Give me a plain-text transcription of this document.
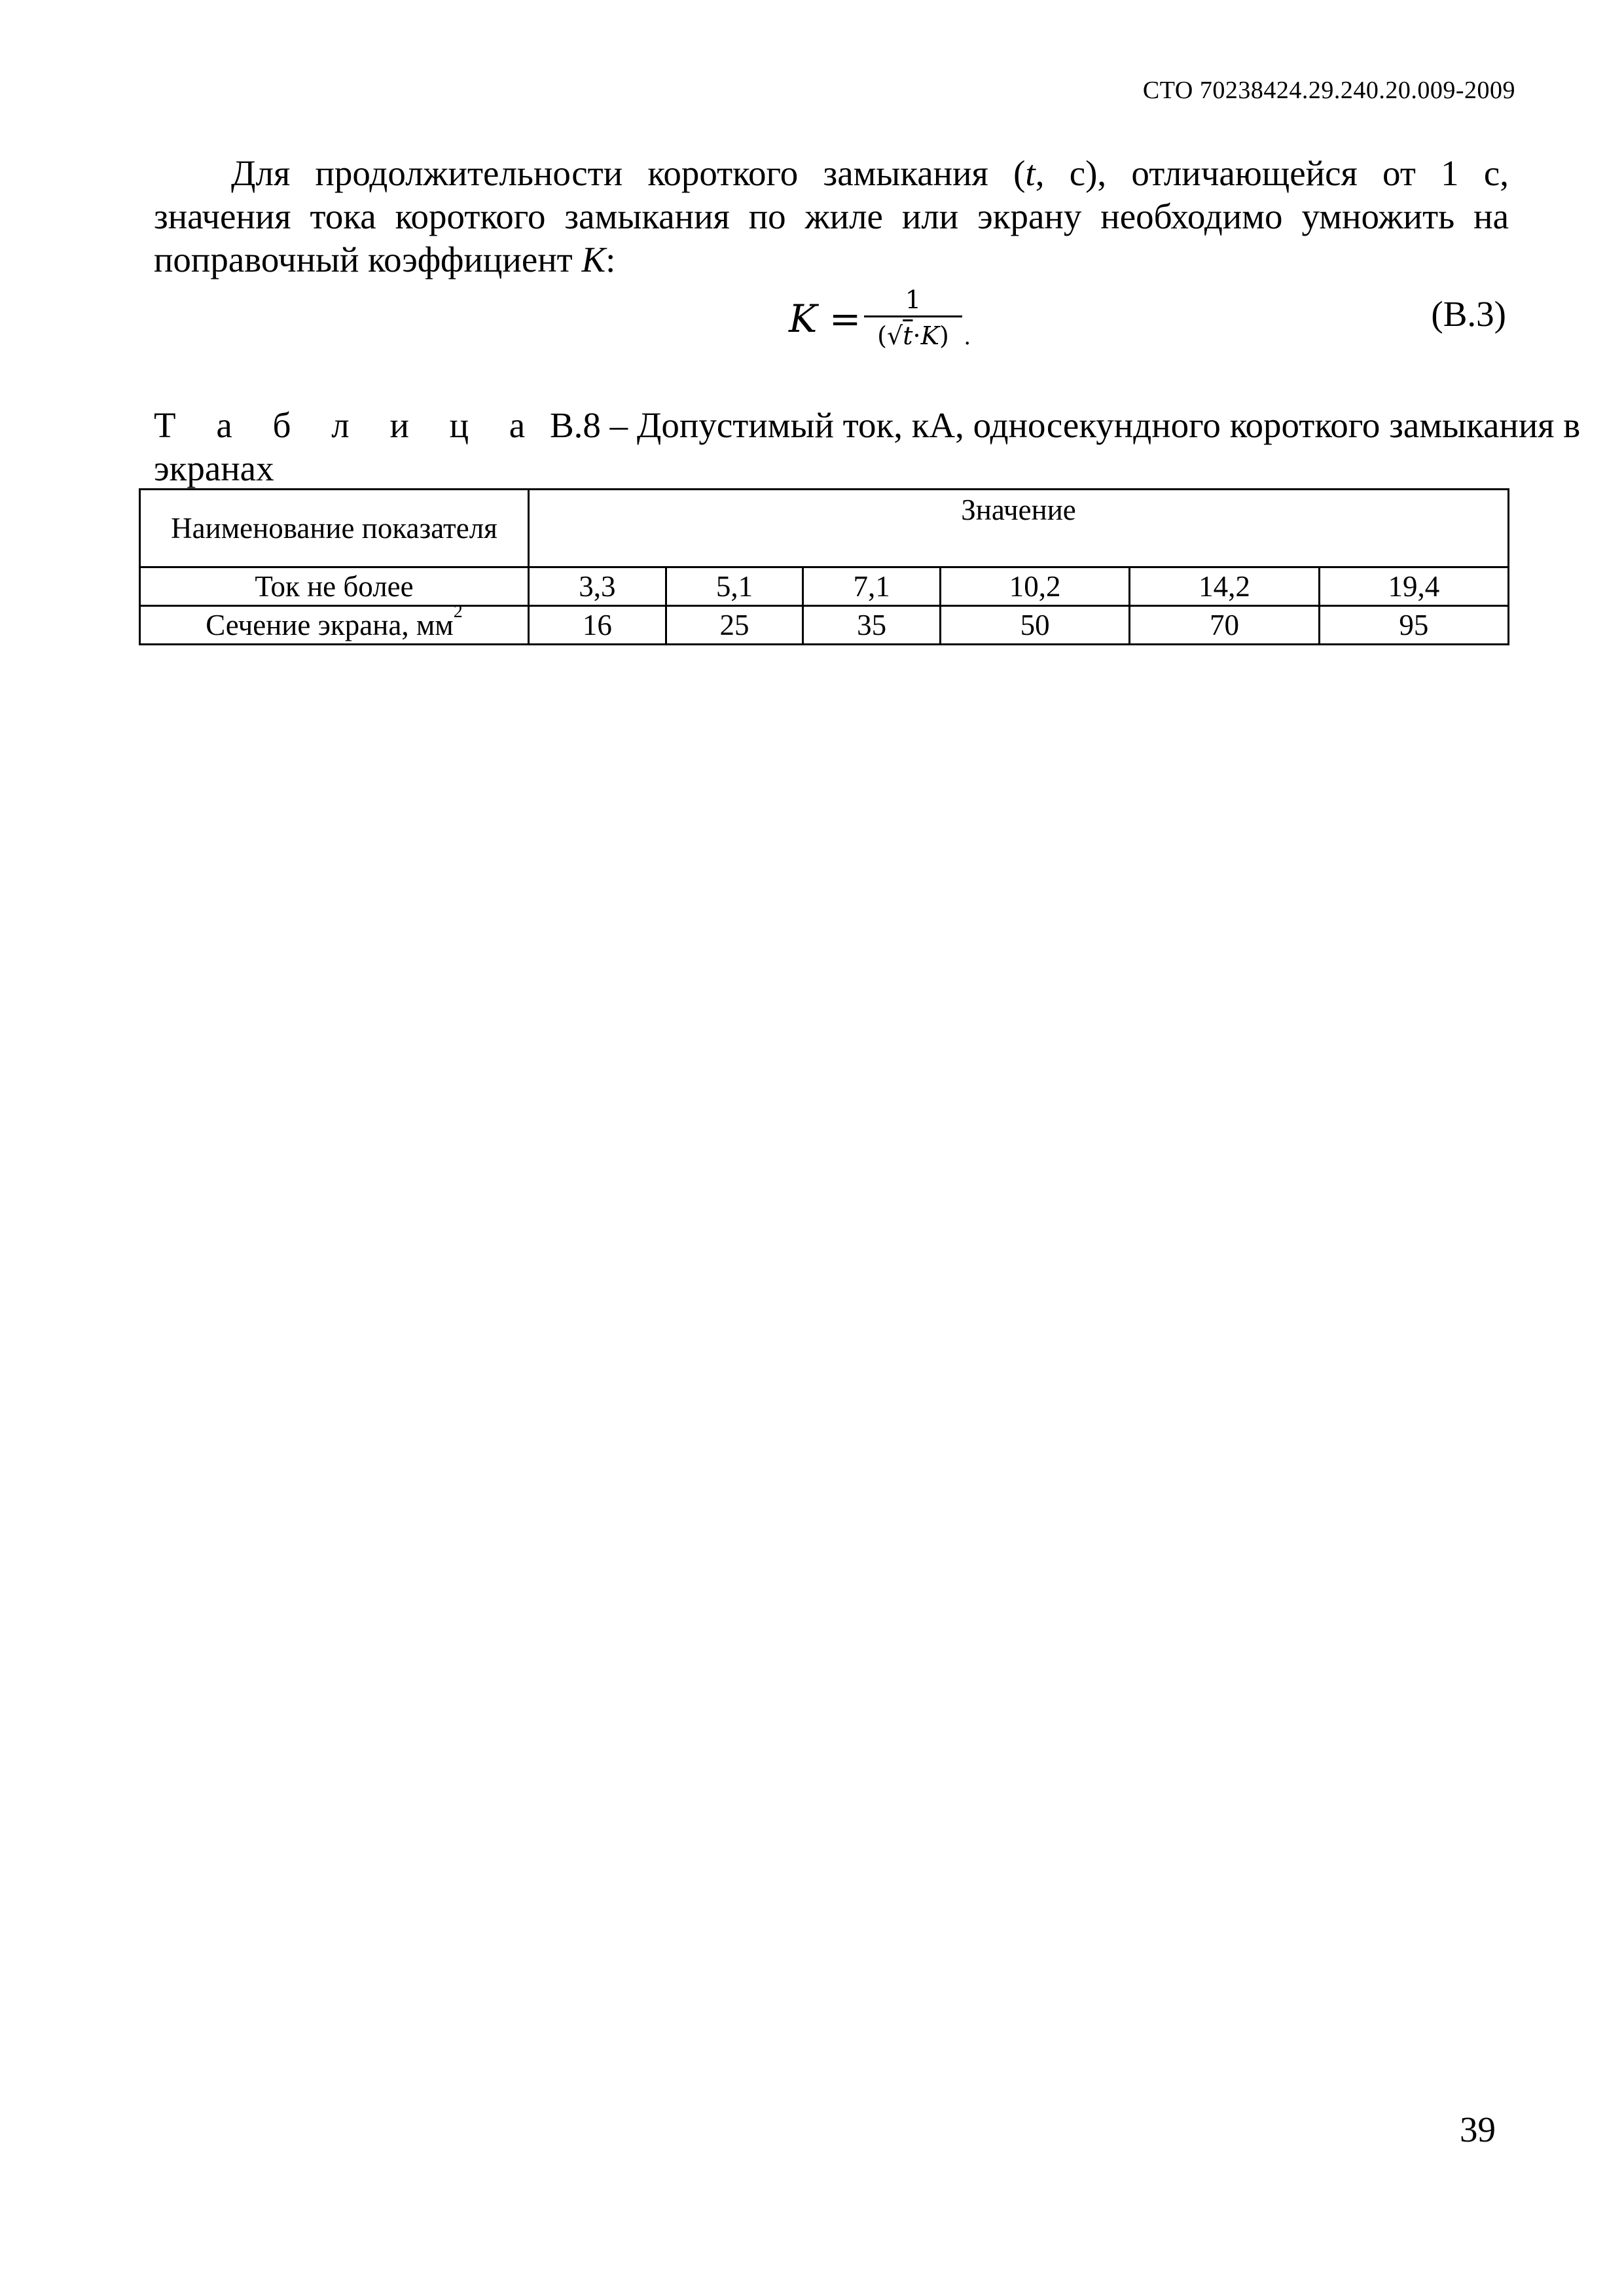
СТО 70238424.29.240.20.009-2009
Для продолжительности короткого замыкания (t, с), отличающейся от 1 с,
значения тока короткого замыкания по жиле или экрану необходимо умножить на
поправочный коэффициент K:
K =	1
(√t·K) .
(В.3)
Т а б л и ц а В.8 – Допустимый ток, кА, односекундного короткого замыкания в
экранах
Наименование показателя	Значение					
Ток не более	3,3	5,1	7,1	10,2	14,2	19,4
Сечение экрана, $мм^2$	16	25	35	50	70	95
39
